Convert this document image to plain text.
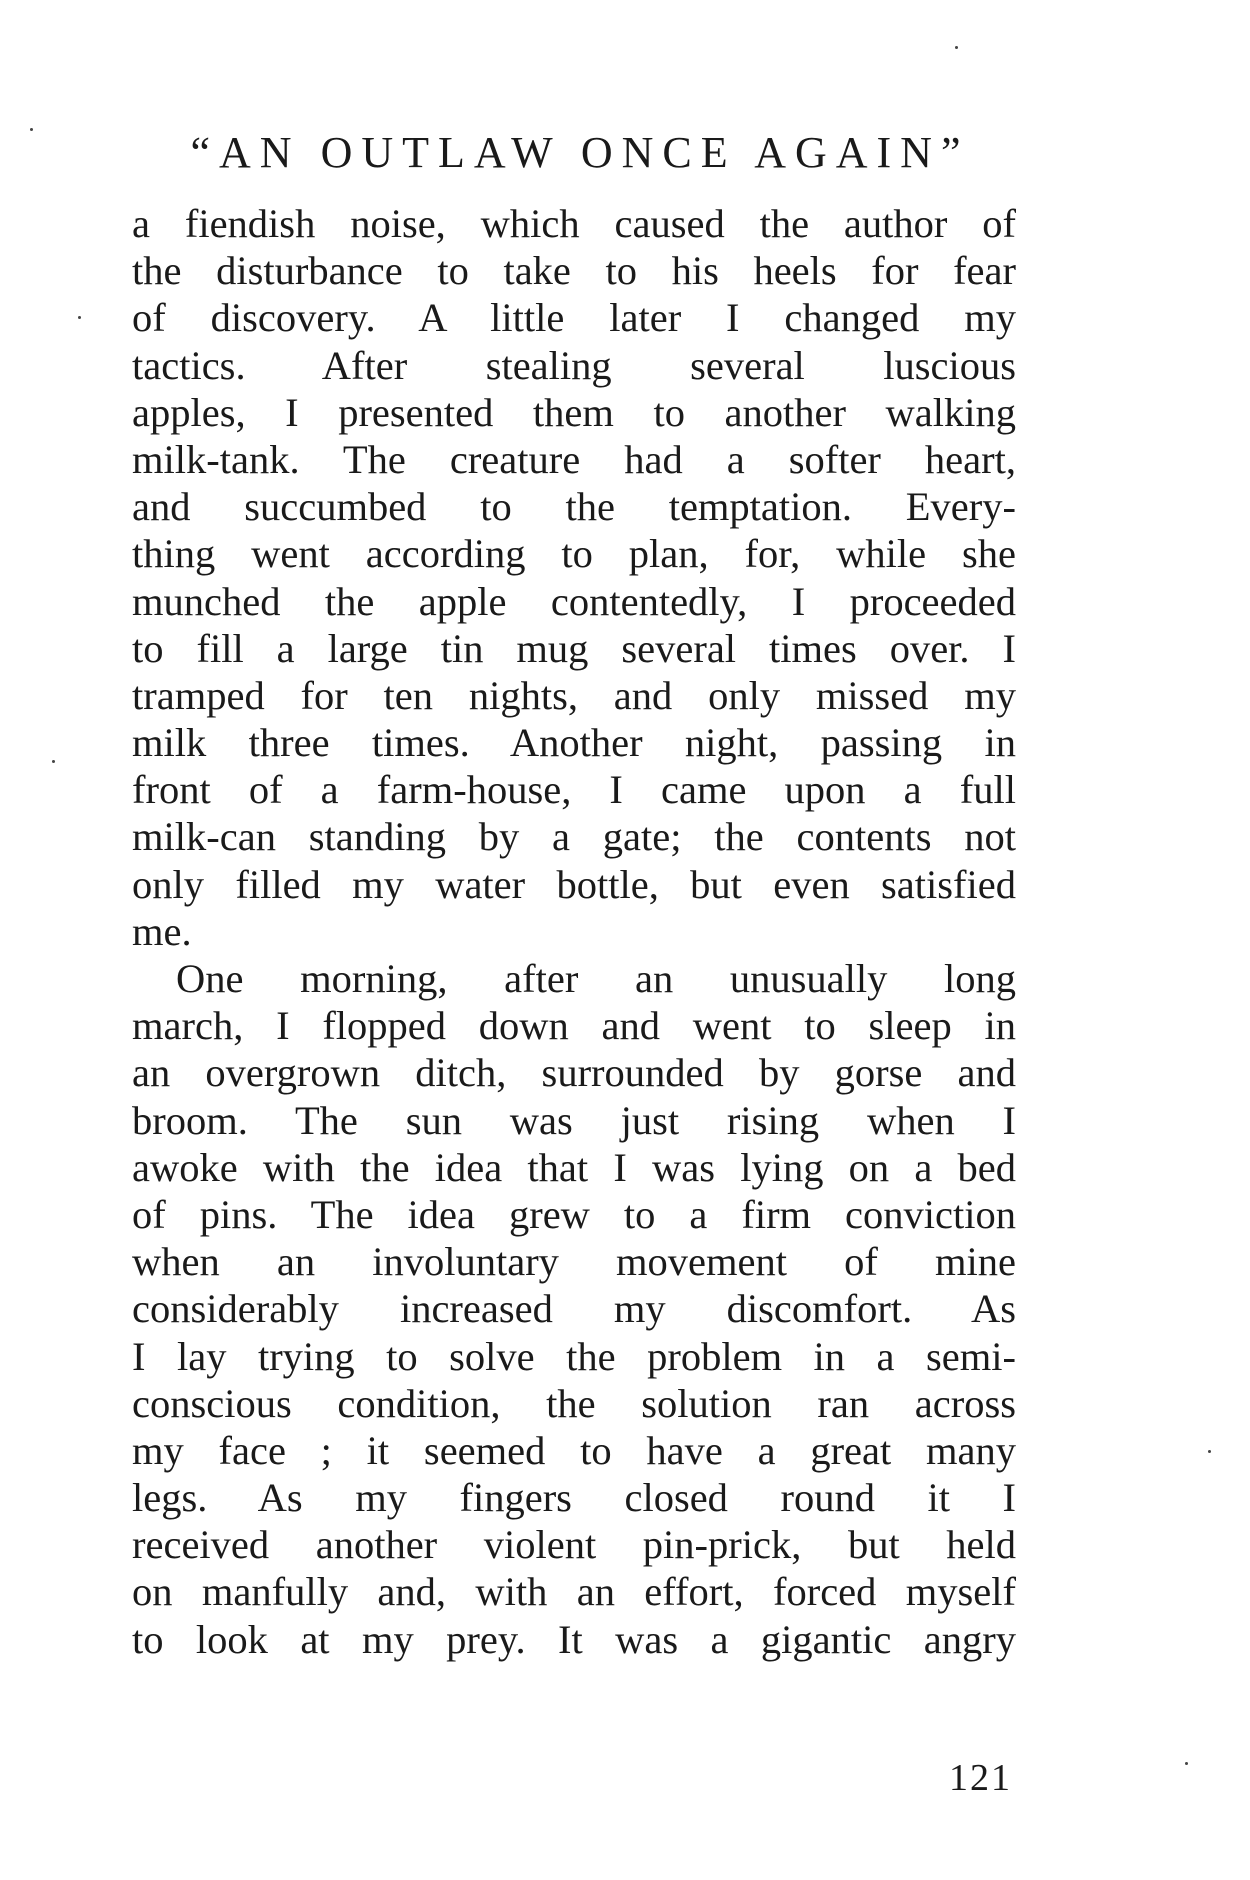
“AN OUTLAW ONCE AGAIN”
a fiendish noise, which caused the author of
the disturbance to take to his heels for fear
of discovery. A little later I changed my
tactics. After stealing several luscious
apples, I presented them to another walking
milk-tank. The creature had a softer heart,
and succumbed to the temptation. Every-
thing went according to plan, for, while she
munched the apple contentedly, I proceeded
to fill a large tin mug several times over. I
tramped for ten nights, and only missed my
milk three times. Another night, passing in
front of a farm-house, I came upon a full
milk-can standing by a gate; the contents not
only filled my water bottle, but even satisfied
me.
One morning, after an unusually long
march, I flopped down and went to sleep in
an overgrown ditch, surrounded by gorse and
broom. The sun was just rising when I
awoke with the idea that I was lying on a bed
of pins. The idea grew to a firm conviction
when an involuntary movement of mine
considerably increased my discomfort. As
I lay trying to solve the problem in a semi-
conscious condition, the solution ran across
my face ; it seemed to have a great many
legs. As my fingers closed round it I
received another violent pin-prick, but held
on manfully and, with an effort, forced myself
to look at my prey. It was a gigantic angry
121
